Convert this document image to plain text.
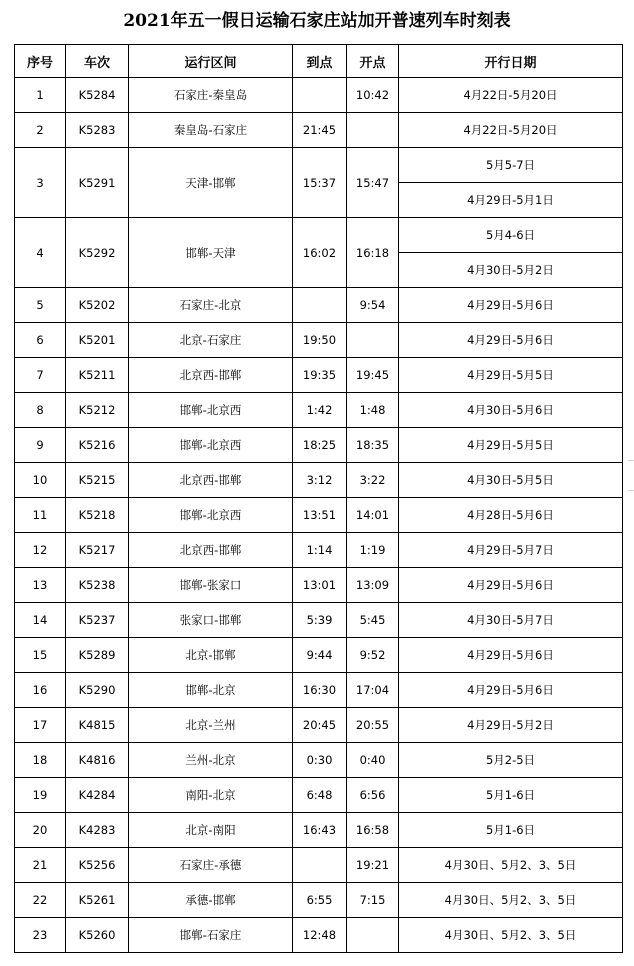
2021年五一假日运输石家庄站加开普速列车时刻表
序号	车次	运行区间	到点	开点	开行日期
1	K5284	石家庄-秦皇岛		10:42	4月22日-5月20日
2	K5283	秦皇岛-石家庄	21:45		4月22日-5月20日
3	K5291	天津-邯郸	15:37	15:47	5月5-7日
					4月29日-5月1日
4	K5292	邯郸-天津	16:02	16:18	5月4-6日
					4月30日-5月2日
5	K5202	石家庄-北京		9:54	4月29日-5月6日
6	K5201	北京-石家庄	19:50		4月29日-5月6日
7	K5211	北京西-邯郸	19:35	19:45	4月29日-5月5日
8	K5212	邯郸-北京西	1:42	1:48	4月30日-5月6日
9	K5216	邯郸-北京西	18:25	18:35	4月29日-5月5日
10	K5215	北京西-邯郸	3:12	3:22	4月30日-5月5日
11	K5218	邯郸-北京西	13:51	14:01	4月28日-5月6日
12	K5217	北京西-邯郸	1:14	1:19	4月29日-5月7日
13	K5238	邯郸-张家口	13:01	13:09	4月29日-5月6日
14	K5237	张家口-邯郸	5:39	5:45	4月30日-5月7日
15	K5289	北京-邯郸	9:44	9:52	4月29日-5月6日
16	K5290	邯郸-北京	16:30	17:04	4月29日-5月6日
17	K4815	北京-兰州	20:45	20:55	4月29日-5月2日
18	K4816	兰州-北京	0:30	0:40	5月2-5日
19	K4284	南阳-北京	6:48	6:56	5月1-6日
20	K4283	北京-南阳	16:43	16:58	5月1-6日
21	K5256	石家庄-承德		19:21	4月30日、5月2、3、5日
22	K5261	承德-邯郸	6:55	7:15	4月30日、5月2、3、5日
23	K5260	邯郸-石家庄	12:48		4月30日、5月2、3、5日
